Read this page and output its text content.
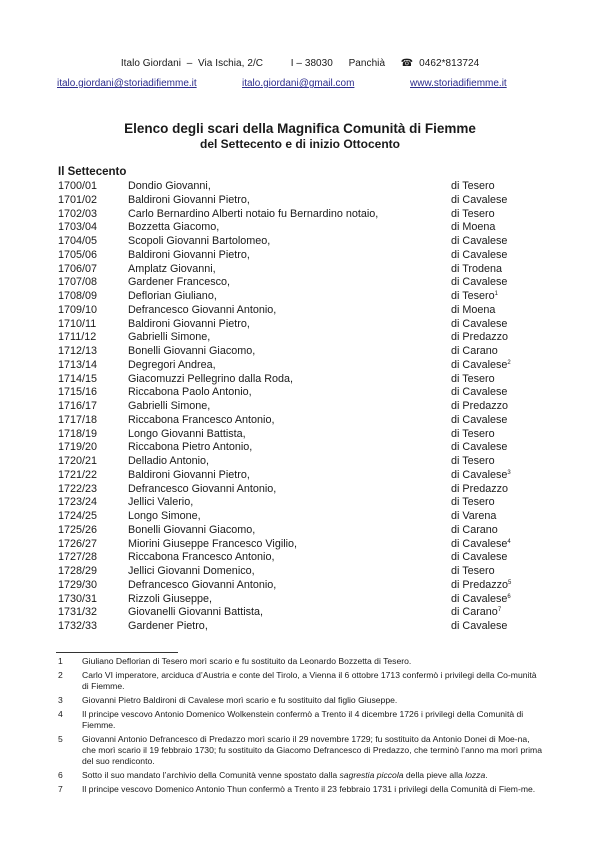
Italo Giordani – Via Ischia, 2/C	I – 38030 Panchià ☎ 0462*813724
italo.giordani@storiadifiemme.it	italo.giordani@gmail.com	www.storiadifiemme.it
Elenco degli scari della Magnifica Comunità di Fiemme
del Settecento e di inizio Ottocento
Il Settecento
1700/01	Dondio Giovanni,	di Tesero
1701/02	Baldironi Giovanni Pietro,	di Cavalese
1702/03	Carlo Bernardino Alberti notaio fu Bernardino notaio,	di Tesero
1703/04	Bozzetta Giacomo,	di Moena
1704/05	Scopoli Giovanni Bartolomeo,	di Cavalese
1705/06	Baldironi Giovanni Pietro,	di Cavalese
1706/07	Amplatz Giovanni,	di Trodena
1707/08	Gardener Francesco,	di Cavalese
1708/09	Deflorian Giuliano,	di Tesero$^1$
1709/10	Defrancesco Giovanni Antonio,	di Moena
1710/11	Baldironi Giovanni Pietro,	di Cavalese
1711/12	Gabrielli Simone,	di Predazzo
1712/13	Bonelli Giovanni Giacomo,	di Carano
1713/14	Degregori Andrea,	di Cavalese$^2$
1714/15	Giacomuzzi Pellegrino dalla Roda,	di Tesero
1715/16	Riccabona Paolo Antonio,	di Cavalese
1716/17	Gabrielli Simone,	di Predazzo
1717/18	Riccabona Francesco Antonio,	di Cavalese
1718/19	Longo Giovanni Battista,	di Tesero
1719/20	Riccabona Pietro Antonio,	di Cavalese
1720/21	Delladio Antonio,	di Tesero
1721/22	Baldironi Giovanni Pietro,	di Cavalese$^3$
1722/23	Defrancesco Giovanni Antonio,	di Predazzo
1723/24	Jellici Valerio,	di Tesero
1724/25	Longo Simone,	di Varena
1725/26	Bonelli Giovanni Giacomo,	di Carano
1726/27	Miorini Giuseppe Francesco Vigilio,	di Cavalese$^4$
1727/28	Riccabona Francesco Antonio,	di Cavalese
1728/29	Jellici Giovanni Domenico,	di Tesero
1729/30	Defrancesco Giovanni Antonio,	di Predazzo$^5$
1730/31	Rizzoli Giuseppe,	di Cavalese$^6$
1731/32	Giovanelli Giovanni Battista,	di Carano$^7$
1732/33	Gardener Pietro,	di Cavalese
1 Giuliano Deflorian di Tesero morì scario e fu sostituito da Leonardo Bozzetta di Tesero.
2 Carlo VI imperatore, arciduca d’Austria e conte del Tirolo, a Vienna il 6 ottobre 1713 confermò i privilegi della Co-munità di Fiemme.
3 Giovanni Pietro Baldironi di Cavalese morì scario e fu sostituito dal figlio Giuseppe.
4 Il principe vescovo Antonio Domenico Wolkenstein confermò a Trento il 4 dicembre 1726 i privilegi della Comunità di Fiemme.
5 Giovanni Antonio Defrancesco di Predazzo morì scario il 29 novembre 1729; fu sostituito da Antonio Donei di Moe-na, che morì scario il 19 febbraio 1730; fu sostituito da Giacomo Defrancesco di Predazzo, che terminò l’anno ma morì prima del suo rendiconto.
6 Sotto il suo mandato l’archivio della Comunità venne spostato dalla sagrestia piccola della pieve alla lozza.
7 Il principe vescovo Domenico Antonio Thun confermò a Trento il 23 febbraio 1731 i privilegi della Comunità di Fiem-me.
